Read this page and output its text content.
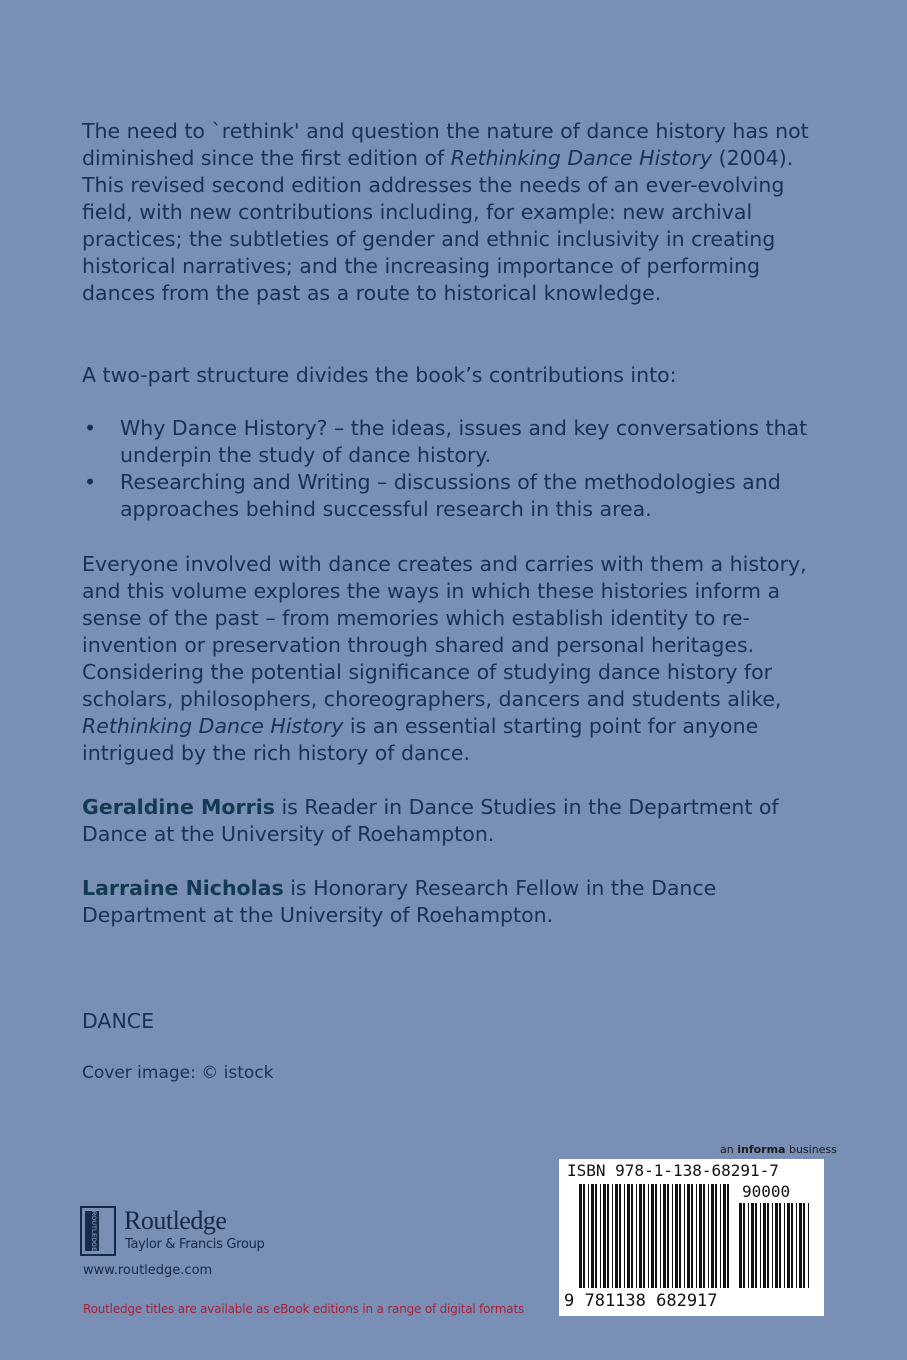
The need to `rethink' and question the nature of dance history has not diminished since the first edition of Rethinking Dance History (2004). This revised second edition addresses the needs of an ever-evolving field, with new contributions including, for example: new archival practices; the subtleties of gender and ethnic inclusivity in creating historical narratives; and the increasing importance of performing dances from the past as a route to historical knowledge.
A two-part structure divides the book’s contributions into:
• Why Dance History? – the ideas, issues and key conversations that underpin the study of dance history.
• Researching and Writing – discussions of the methodologies and approaches behind successful research in this area.
Everyone involved with dance creates and carries with them a history, and this volume explores the ways in which these histories inform a sense of the past – from memories which establish identity to re-invention or preservation through shared and personal heritages. Considering the potential significance of studying dance history for scholars, philosophers, choreographers, dancers and students alike, Rethinking Dance History is an essential starting point for anyone intrigued by the rich history of dance.
Geraldine Morris is Reader in Dance Studies in the Department of Dance at the University of Roehampton.
Larraine Nicholas is Honorary Research Fellow in the Dance Department at the University of Roehampton.
DANCE
Cover image: © istock
ROUTLEDGE Routledge
Taylor & Francis Group
www.routledge.com
Routledge titles are available as eBook editions in a range of digital formats
an informa business
ISBN 978-1-138-68291-7
90000
9 781138 682917
